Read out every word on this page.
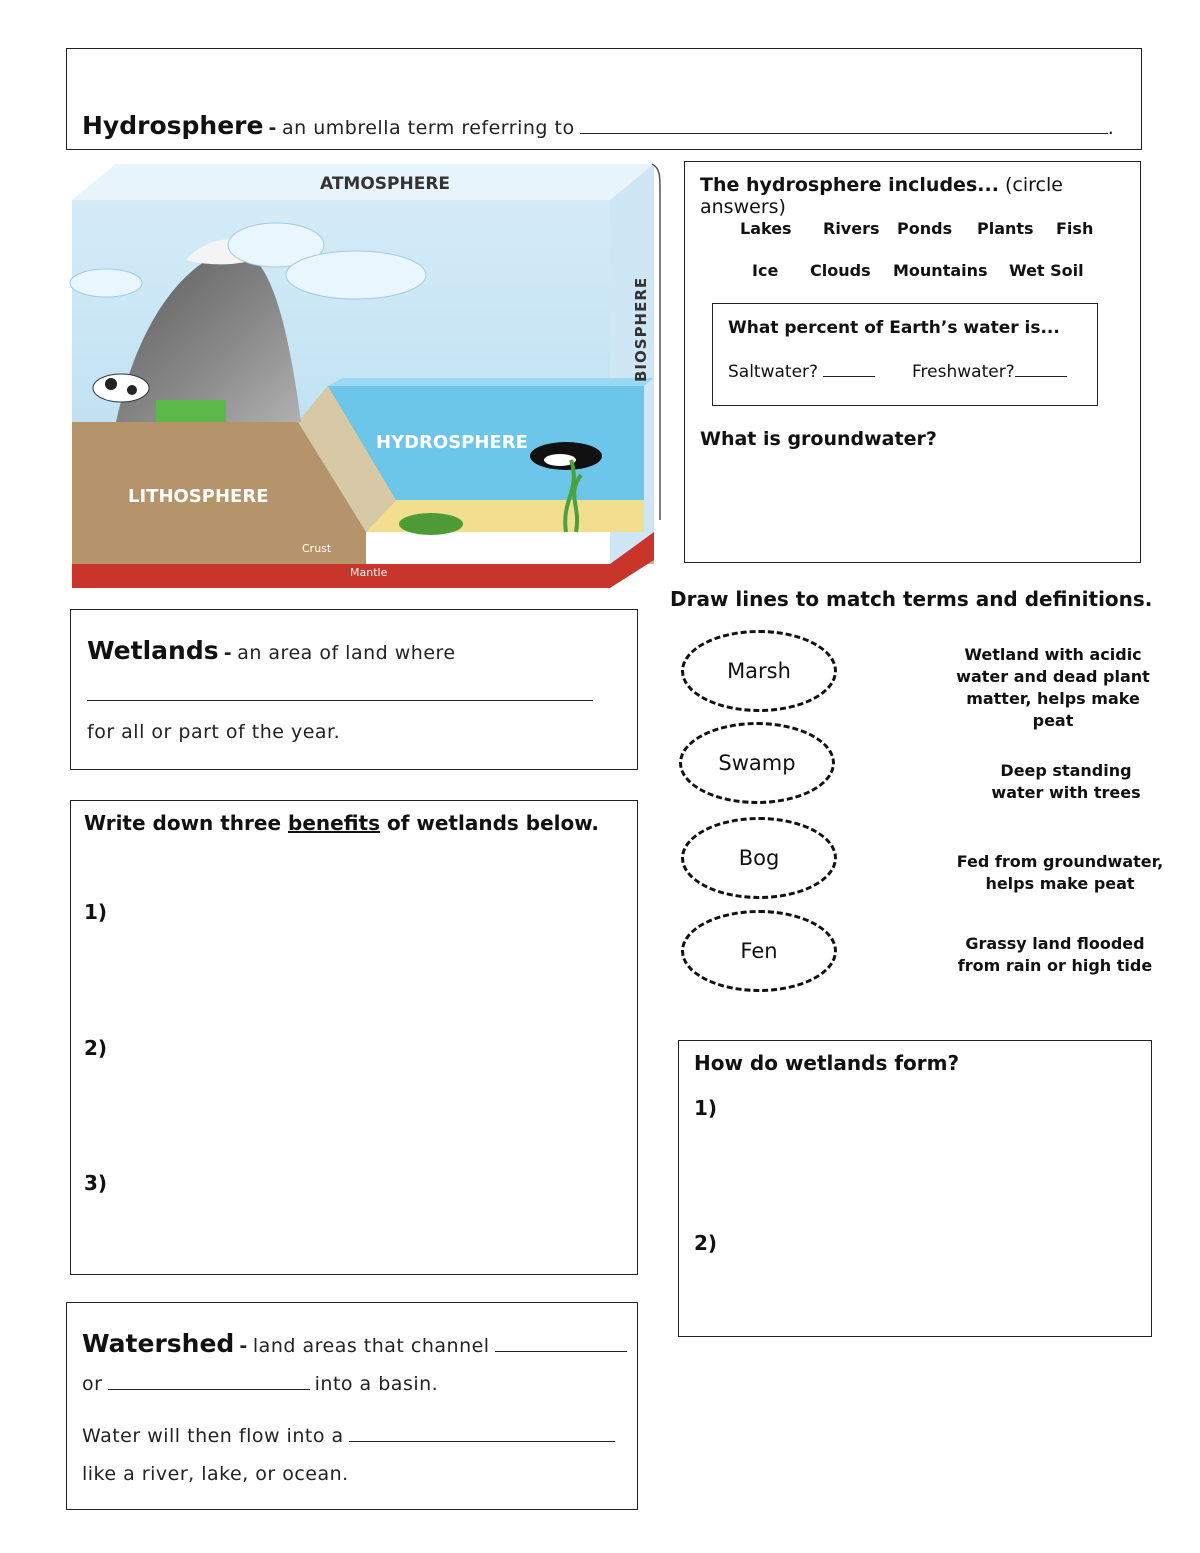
Hydrosphere - an umbrella term referring to	.
ATMOSPHERE
HYDROSPHERE
LITHOSPHERE
Crust
Mantle
BIOSPHERE
The hydrosphere includes... (circle answers)
Lakes Rivers Ponds Plants Fish
Ice Clouds Mountains Wet Soil
What percent of Earth’s water is...
Saltwater?	Freshwater?
What is groundwater?
Wetlands - an area of land where
for all or part of the year.
Write down three benefits of wetlands below.
1)
2)
3)
Watershed - land areas that channel
or	into a basin.
Water will then flow into a
like a river, lake, or ocean.
Draw lines to match terms and definitions.
Marsh
Swamp
Bog
Fen
Wetland with acidic water and dead plant matter, helps make peat
Deep standing water with trees
Fed from groundwater, helps make peat
Grassy land flooded from rain or high tide
How do wetlands form?
1)
2)
